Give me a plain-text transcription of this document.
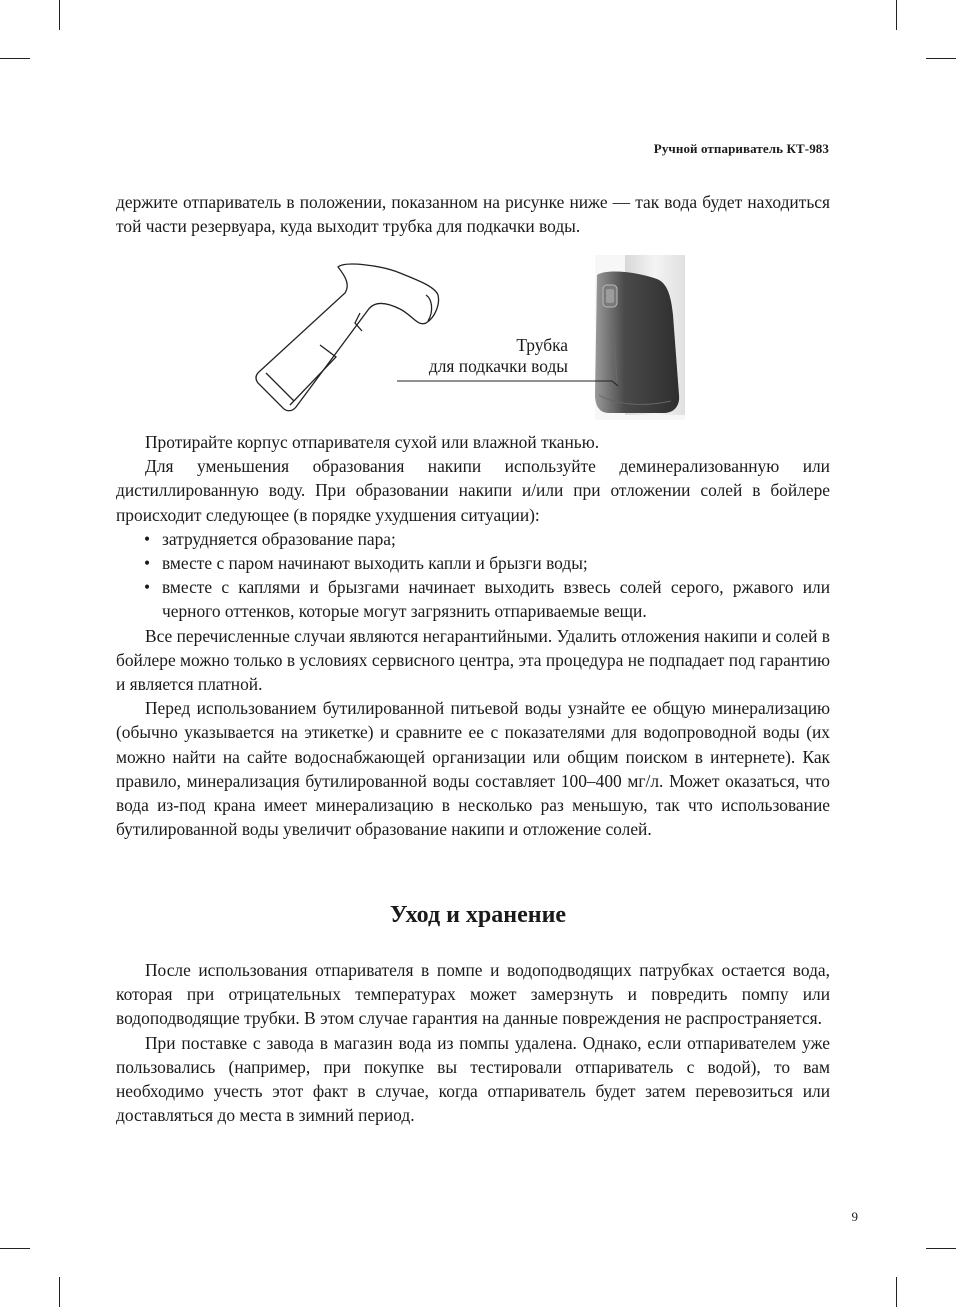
Ручной отпариватель КТ-983

держите отпариватель в положении, показанном на рисунке ниже — так вода будет находиться той части резервуара, куда выходит трубка для подкачки воды.

Трубка
для подкачки воды

Протирайте корпус отпаривателя сухой или влажной тканью.

Для уменьшения образования накипи используйте деминерализованную или дистиллированную воду. При образовании накипи и/или при отложении солей в бойлере происходит следующее (в порядке ухудшения ситуации):

• затрудняется образование пара;
• вместе с паром начинают выходить капли и брызги воды;
• вместе с каплями и брызгами начинает выходить взвесь солей серого, ржавого или черного оттенков, которые могут загрязнить отпариваемые вещи.

Все перечисленные случаи являются негарантийными. Удалить отложения накипи и солей в бойлере можно только в условиях сервисного центра, эта процедура не подпадает под гарантию и является платной.

Перед использованием бутилированной питьевой воды узнайте ее общую минерализацию (обычно указывается на этикетке) и сравните ее с показателями для водопроводной воды (их можно найти на сайте водоснабжающей организации или общим поиском в интернете). Как правило, минерализация бутилированной воды составляет 100–400 мг/л. Может оказаться, что вода из-под крана имеет минерализацию в несколько раз меньшую, так что использование бутилированной воды увеличит образование накипи и отложение солей.

Уход и хранение

После использования отпаривателя в помпе и водоподводящих патрубках остается вода, которая при отрицательных температурах может замерзнуть и повредить помпу или водоподводящие трубки. В этом случае гарантия на данные повреждения не распространяется.

При поставке с завода в магазин вода из помпы удалена. Однако, если отпаривателем уже пользовались (например, при покупке вы тестировали отпариватель с водой), то вам необходимо учесть этот факт в случае, когда отпариватель будет затем перевозиться или доставляться до места в зимний период.

9
